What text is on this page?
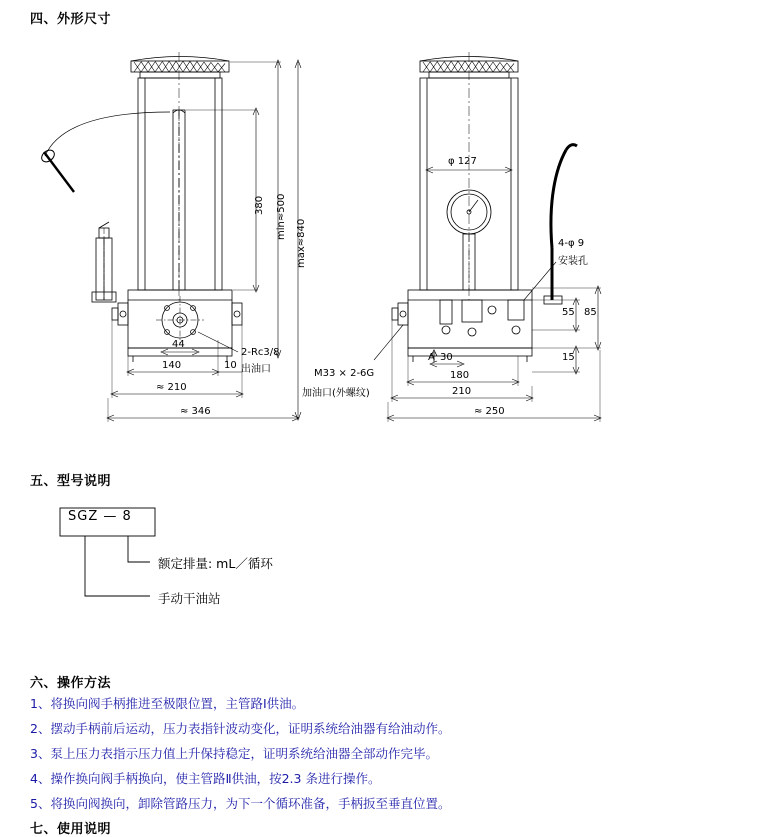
四、外形尺寸
380 min≈500
max≈840
44
140	10
≈ 210
≈ 346
2-Rc3/8
出油口
φ 127
4-φ 9
安装孔
55 85
15
30
A
180
210
≈ 250
M33 × 2-6G
加油口(外螺纹)
五、型号说明
SGZ — 8
额定排量: mL／循环
手动干油站
六、操作方法
1、将换向阀手柄推进至极限位置，主管路Ⅰ供油。
2、摆动手柄前后运动，压力表指针波动变化，证明系统给油器有给油动作。
3、泵上压力表指示压力值上升保持稳定，证明系统给油器全部动作完毕。
4、操作换向阀手柄换向，使主管路Ⅱ供油，按2.3 条进行操作。
5、将换向阀换向，卸除管路压力，为下一个循环准备，手柄扳至垂直位置。
七、使用说明
